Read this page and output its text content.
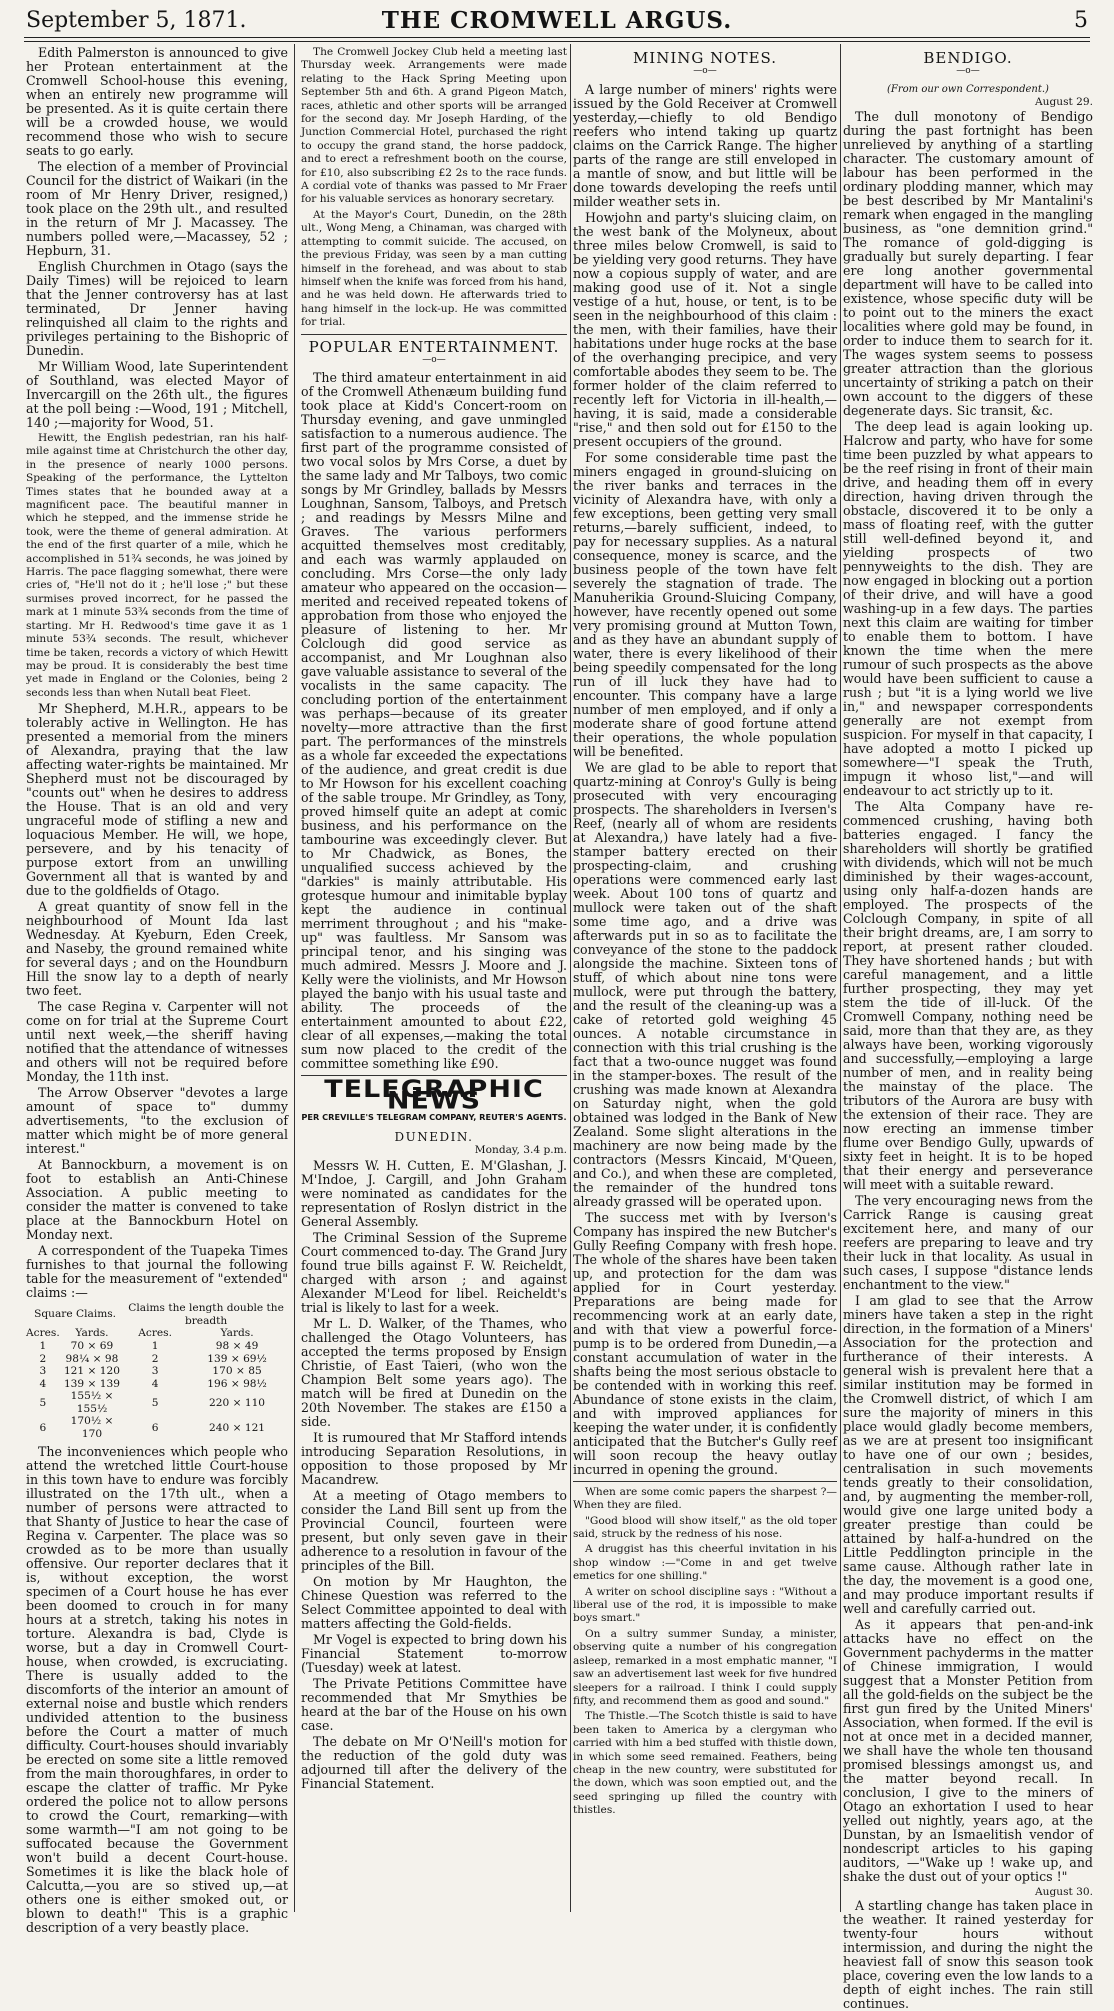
September 5, 1871.	THE CROMWELL ARGUS.	5

Edith Palmerston is announced to give her Protean entertainment at the Cromwell School-house this evening, when an entirely new programme will be presented. As it is quite certain there will be a crowded house, we would recommend those who wish to secure seats to go early.

The election of a member of Provincial Council for the district of Waikari (in the room of Mr Henry Driver, resigned,) took place on the 29th ult., and resulted in the return of Mr J. Macassey. The numbers polled were,—Macassey, 52 ; Hepburn, 31.

English Churchmen in Otago (says the Daily Times) will be rejoiced to learn that the Jenner controversy has at last terminated, Dr Jenner having relinquished all claim to the rights and privileges pertaining to the Bishopric of Dunedin.

Mr William Wood, late Superintendent of Southland, was elected Mayor of Invercargill on the 26th ult., the figures at the poll being :—Wood, 191 ; Mitchell, 140 ;—majority for Wood, 51.

Hewitt, the English pedestrian, ran his half-mile against time at Christchurch the other day, in the presence of nearly 1000 persons. Speaking of the performance, the Lyttelton Times states that he bounded away at a magnificent pace. The beautiful manner in which he stepped, and the immense stride he took, were the theme of general admiration. At the end of the first quarter of a mile, which he accomplished in 51¾ seconds, he was joined by Harris. The pace flagging somewhat, there were cries of, "He'll not do it ; he'll lose ;" but these surmises proved incorrect, for he passed the mark at 1 minute 53¾ seconds from the time of starting. Mr H. Redwood's time gave it as 1 minute 53¾ seconds. The result, whichever time be taken, records a victory of which Hewitt may be proud. It is considerably the best time yet made in England or the Colonies, being 2 seconds less than when Nutall beat Fleet.

Mr Shepherd, M.H.R., appears to be tolerably active in Wellington. He has presented a memorial from the miners of Alexandra, praying that the law affecting water-rights be maintained. Mr Shepherd must not be discouraged by "counts out" when he desires to address the House. That is an old and very ungraceful mode of stifling a new and loquacious Member. He will, we hope, persevere, and by his tenacity of purpose extort from an unwilling Government all that is wanted by and due to the goldfields of Otago.

A great quantity of snow fell in the neighbourhood of Mount Ida last Wednesday. At Kyeburn, Eden Creek, and Naseby, the ground remained white for several days ; and on the Houndburn Hill the snow lay to a depth of nearly two feet.

The case Regina v. Carpenter will not come on for trial at the Supreme Court until next week,—the sheriff having notified that the attendance of witnesses and others will not be required before Monday, the 11th inst.

The Arrow Observer "devotes a large amount of space to" dummy advertisements, "to the exclusion of matter which might be of more general interest."

At Bannockburn, a movement is on foot to establish an Anti-Chinese Association. A public meeting to consider the matter is convened to take place at the Bannockburn Hotel on Monday next.

A correspondent of the Tuapeka Times furnishes to that journal the following table for the measurement of "extended" claims :—

Square Claims.		Claims the length double the breadth	
Acres.	Yards.	Acres.	Yards.
1	70 × 69	1	98 × 49
2	98¼ × 98	2	139 × 69½
3	121 × 120	3	170 × 85
4	139 × 139	4	196 × 98½
5	155½ × 155½	5	220 × 110
6	170½ × 170	6	240 × 121

The inconveniences which people who attend the wretched little Court-house in this town have to endure was forcibly illustrated on the 17th ult., when a number of persons were attracted to that Shanty of Justice to hear the case of Regina v. Carpenter. The place was so crowded as to be more than usually offensive. Our reporter declares that it is, without exception, the worst specimen of a Court house he has ever been doomed to crouch in for many hours at a stretch, taking his notes in torture. Alexandra is bad, Clyde is worse, but a day in Cromwell Court-house, when crowded, is excruciating. There is usually added to the discomforts of the interior an amount of external noise and bustle which renders undivided attention to the business before the Court a matter of much difficulty. Court-houses should invariably be erected on some site a little removed from the main thoroughfares, in order to escape the clatter of traffic. Mr Pyke ordered the police not to allow persons to crowd the Court, remarking—with some warmth—"I am not going to be suffocated because the Government won't build a decent Court-house. Sometimes it is like the black hole of Calcutta,—you are so stived up,—at others one is either smoked out, or blown to death!" This is a graphic description of a very beastly place.

The Cromwell Jockey Club held a meeting last Thursday week. Arrangements were made relating to the Hack Spring Meeting upon September 5th and 6th. A grand Pigeon Match, races, athletic and other sports will be arranged for the second day. Mr Joseph Harding, of the Junction Commercial Hotel, purchased the right to occupy the grand stand, the horse paddock, and to erect a refreshment booth on the course, for £10, also subscribing £2 2s to the race funds. A cordial vote of thanks was passed to Mr Fraer for his valuable services as honorary secretary.

At the Mayor's Court, Dunedin, on the 28th ult., Wong Meng, a Chinaman, was charged with attempting to commit suicide. The accused, on the previous Friday, was seen by a man cutting himself in the forehead, and was about to stab himself when the knife was forced from his hand, and he was held down. He afterwards tried to hang himself in the lock-up. He was committed for trial.

POPULAR ENTERTAINMENT.

—o—

The third amateur entertainment in aid of the Cromwell Athenæum building fund took place at Kidd's Concert-room on Thursday evening, and gave unmingled satisfaction to a numerous audience. The first part of the programme consisted of two vocal solos by Mrs Corse, a duet by the same lady and Mr Talboys, two comic songs by Mr Grindley, ballads by Messrs Loughnan, Sansom, Talboys, and Pretsch ; and readings by Messrs Milne and Graves. The various performers acquitted themselves most creditably, and each was warmly applauded on concluding. Mrs Corse—the only lady amateur who appeared on the occasion—merited and received repeated tokens of approbation from those who enjoyed the pleasure of listening to her. Mr Colclough did good service as accompanist, and Mr Loughnan also gave valuable assistance to several of the vocalists in the same capacity. The concluding portion of the entertainment was perhaps—because of its greater novelty—more attractive than the first part. The performances of the minstrels as a whole far exceeded the expectations of the audience, and great credit is due to Mr Howson for his excellent coaching of the sable troupe. Mr Grindley, as Tony, proved himself quite an adept at comic business, and his performance on the tambourine was exceedingly clever. But to Mr Chadwick, as Bones, the unqualified success achieved by the "darkies" is mainly attributable. His grotesque humour and inimitable byplay kept the audience in continual merriment throughout ; and his "make-up" was faultless. Mr Sansom was principal tenor, and his singing was much admired. Messrs J. Moore and J. Kelly were the violinists, and Mr Howson played the banjo with his usual taste and ability. The proceeds of the entertainment amounted to about £22, clear of all expenses,—making the total sum now placed to the credit of the committee something like £90.

TELEGRAPHIC NEWS

PER CREVILLE'S TELEGRAM COMPANY, REUTER'S AGENTS.

DUNEDIN.

Monday, 3.4 p.m.

Messrs W. H. Cutten, E. M'Glashan, J. M'Indoe, J. Cargill, and John Graham were nominated as candidates for the representation of Roslyn district in the General Assembly.

The Criminal Session of the Supreme Court commenced to-day. The Grand Jury found true bills against F. W. Reicheldt, charged with arson ; and against Alexander M'Leod for libel. Reicheldt's trial is likely to last for a week.

Mr L. D. Walker, of the Thames, who challenged the Otago Volunteers, has accepted the terms proposed by Ensign Christie, of East Taieri, (who won the Champion Belt some years ago). The match will be fired at Dunedin on the 20th November. The stakes are £150 a side.

It is rumoured that Mr Stafford intends introducing Separation Resolutions, in opposition to those proposed by Mr Macandrew.

At a meeting of Otago members to consider the Land Bill sent up from the Provincial Council, fourteen were present, but only seven gave in their adherence to a resolution in favour of the principles of the Bill.

On motion by Mr Haughton, the Chinese Question was referred to the Select Committee appointed to deal with matters affecting the Gold-fields.

Mr Vogel is expected to bring down his Financial Statement to-morrow (Tuesday) week at latest.

The Private Petitions Committee have recommended that Mr Smythies be heard at the bar of the House on his own case.

The debate on Mr O'Neill's motion for the reduction of the gold duty was adjourned till after the delivery of the Financial Statement.

MINING NOTES.

—o—

A large number of miners' rights were issued by the Gold Receiver at Cromwell yesterday,—chiefly to old Bendigo reefers who intend taking up quartz claims on the Carrick Range. The higher parts of the range are still enveloped in a mantle of snow, and but little will be done towards developing the reefs until milder weather sets in.

Howjohn and party's sluicing claim, on the west bank of the Molyneux, about three miles below Cromwell, is said to be yielding very good returns. They have now a copious supply of water, and are making good use of it. Not a single vestige of a hut, house, or tent, is to be seen in the neighbourhood of this claim : the men, with their families, have their habitations under huge rocks at the base of the overhanging precipice, and very comfortable abodes they seem to be. The former holder of the claim referred to recently left for Victoria in ill-health,—having, it is said, made a considerable "rise," and then sold out for £150 to the present occupiers of the ground.

For some considerable time past the miners engaged in ground-sluicing on the river banks and terraces in the vicinity of Alexandra have, with only a few exceptions, been getting very small returns,—barely sufficient, indeed, to pay for necessary supplies. As a natural consequence, money is scarce, and the business people of the town have felt severely the stagnation of trade. The Manuherikia Ground-Sluicing Company, however, have recently opened out some very promising ground at Mutton Town, and as they have an abundant supply of water, there is every likelihood of their being speedily compensated for the long run of ill luck they have had to encounter. This company have a large number of men employed, and if only a moderate share of good fortune attend their operations, the whole population will be benefited.

We are glad to be able to report that quartz-mining at Conroy's Gully is being prosecuted with very encouraging prospects. The shareholders in Iversen's Reef, (nearly all of whom are residents at Alexandra,) have lately had a five-stamper battery erected on their prospecting-claim, and crushing operations were commenced early last week. About 100 tons of quartz and mullock were taken out of the shaft some time ago, and a drive was afterwards put in so as to facilitate the conveyance of the stone to the paddock alongside the machine. Sixteen tons of stuff, of which about nine tons were mullock, were put through the battery, and the result of the cleaning-up was a cake of retorted gold weighing 45 ounces. A notable circumstance in connection with this trial crushing is the fact that a two-ounce nugget was found in the stamper-boxes. The result of the crushing was made known at Alexandra on Saturday night, when the gold obtained was lodged in the Bank of New Zealand. Some slight alterations in the machinery are now being made by the contractors (Messrs Kincaid, M'Queen, and Co.), and when these are completed, the remainder of the hundred tons already grassed will be operated upon.

The success met with by Iverson's Company has inspired the new Butcher's Gully Reefing Company with fresh hope. The whole of the shares have been taken up, and protection for the dam was applied for in Court yesterday. Preparations are being made for recommencing work at an early date, and with that view a powerful force-pump is to be ordered from Dunedin,—a constant accumulation of water in the shafts being the most serious obstacle to be contended with in working this reef. Abundance of stone exists in the claim, and with improved appliances for keeping the water under, it is confidently anticipated that the Butcher's Gully reef will soon recoup the heavy outlay incurred in opening the ground.

When are some comic papers the sharpest ?—When they are filed.

"Good blood will show itself," as the old toper said, struck by the redness of his nose.

A druggist has this cheerful invitation in his shop window :—"Come in and get twelve emetics for one shilling."

A writer on school discipline says : "Without a liberal use of the rod, it is impossible to make boys smart."

On a sultry summer Sunday, a minister, observing quite a number of his congregation asleep, remarked in a most emphatic manner, "I saw an advertisement last week for five hundred sleepers for a railroad. I think I could supply fifty, and recommend them as good and sound."

The Thistle.—The Scotch thistle is said to have been taken to America by a clergyman who carried with him a bed stuffed with thistle down, in which some seed remained. Feathers, being cheap in the new country, were substituted for the down, which was soon emptied out, and the seed springing up filled the country with thistles.

BENDIGO.

—o—

(From our own Correspondent.)

August 29.

The dull monotony of Bendigo during the past fortnight has been unrelieved by anything of a startling character. The customary amount of labour has been performed in the ordinary plodding manner, which may be best described by Mr Mantalini's remark when engaged in the mangling business, as "one demnition grind." The romance of gold-digging is gradually but surely departing. I fear ere long another governmental department will have to be called into existence, whose specific duty will be to point out to the miners the exact localities where gold may be found, in order to induce them to search for it. The wages system seems to possess greater attraction than the glorious uncertainty of striking a patch on their own account to the diggers of these degenerate days. Sic transit, &c.

The deep lead is again looking up. Halcrow and party, who have for some time been puzzled by what appears to be the reef rising in front of their main drive, and heading them off in every direction, having driven through the obstacle, discovered it to be only a mass of floating reef, with the gutter still well-defined beyond it, and yielding prospects of two pennyweights to the dish. They are now engaged in blocking out a portion of their drive, and will have a good washing-up in a few days. The parties next this claim are waiting for timber to enable them to bottom. I have known the time when the mere rumour of such prospects as the above would have been sufficient to cause a rush ; but "it is a lying world we live in," and newspaper correspondents generally are not exempt from suspicion. For myself in that capacity, I have adopted a motto I picked up somewhere—"I speak the Truth, impugn it whoso list,"—and will endeavour to act strictly up to it.

The Alta Company have re-commenced crushing, having both batteries engaged. I fancy the shareholders will shortly be gratified with dividends, which will not be much diminished by their wages-account, using only half-a-dozen hands are employed. The prospects of the Colclough Company, in spite of all their bright dreams, are, I am sorry to report, at present rather clouded. They have shortened hands ; but with careful management, and a little further prospecting, they may yet stem the tide of ill-luck. Of the Cromwell Company, nothing need be said, more than that they are, as they always have been, working vigorously and successfully,—employing a large number of men, and in reality being the mainstay of the place. The tributors of the Aurora are busy with the extension of their race. They are now erecting an immense timber flume over Bendigo Gully, upwards of sixty feet in height. It is to be hoped that their energy and perseverance will meet with a suitable reward.

The very encouraging news from the Carrick Range is causing great excitement here, and many of our reefers are preparing to leave and try their luck in that locality. As usual in such cases, I suppose "distance lends enchantment to the view."

I am glad to see that the Arrow miners have taken a step in the right direction, in the formation of a Miners' Association for the protection and furtherance of their interests. A general wish is prevalent here that a similar institution may be formed in the Cromwell district, of which I am sure the majority of miners in this place would gladly become members, as we are at present too insignificant to have one of our own ; besides, centralisation in such movements tends greatly to their consolidation, and, by augmenting the member-roll, would give one large united body a greater prestige than could be attained by half-a-hundred on the Little Peddlington principle in the same cause. Although rather late in the day, the movement is a good one, and may produce important results if well and carefully carried out.

As it appears that pen-and-ink attacks have no effect on the Government pachyderms in the matter of Chinese immigration, I would suggest that a Monster Petition from all the gold-fields on the subject be the first gun fired by the United Miners' Association, when formed. If the evil is not at once met in a decided manner, we shall have the whole ten thousand promised blessings amongst us, and the matter beyond recall. In conclusion, I give to the miners of Otago an exhortation I used to hear yelled out nightly, years ago, at the Dunstan, by an Ismaelitish vendor of nondescript articles to his gaping auditors, —"Wake up ! wake up, and shake the dust out of your optics !"

August 30.

A startling change has taken place in the weather. It rained yesterday for twenty-four hours without intermission, and during the night the heaviest fall of snow this season took place, covering even the low lands to a depth of eight inches. The rain still continues.
